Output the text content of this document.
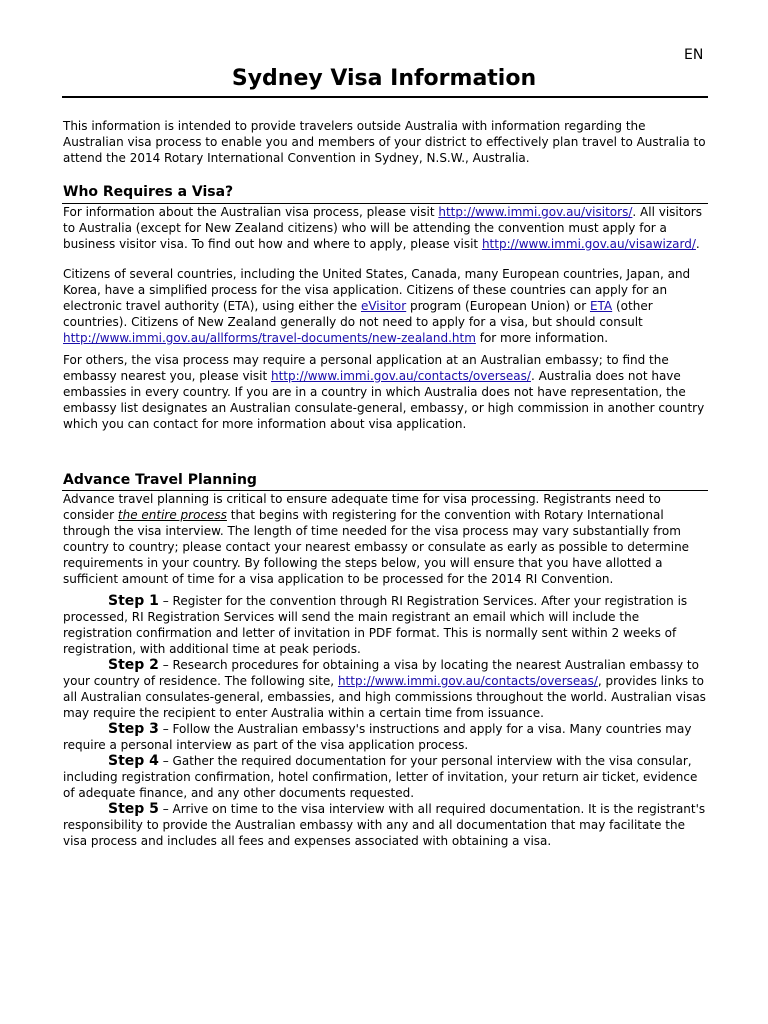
EN
Sydney Visa Information

This information is intended to provide travelers outside Australia with information regarding the Australian visa process to enable you and members of your district to effectively plan travel to Australia to attend the 2014 Rotary International Convention in Sydney, N.S.W., Australia.

Who Requires a Visa?

For information about the Australian visa process, please visit http://www.immi.gov.au/visitors/. All visitors to Australia (except for New Zealand citizens) who will be attending the convention must apply for a business visitor visa. To find out how and where to apply, please visit http://www.immi.gov.au/visawizard/.

Citizens of several countries, including the United States, Canada, many European countries, Japan, and Korea, have a simplified process for the visa application. Citizens of these countries can apply for an electronic travel authority (ETA), using either the eVisitor program (European Union) or ETA (other countries). Citizens of New Zealand generally do not need to apply for a visa, but should consult http://www.immi.gov.au/allforms/travel-documents/new-zealand.htm for more information.

For others, the visa process may require a personal application at an Australian embassy; to find the embassy nearest you, please visit http://www.immi.gov.au/contacts/overseas/. Australia does not have embassies in every country. If you are in a country in which Australia does not have representation, the embassy list designates an Australian consulate-general, embassy, or high commission in another country which you can contact for more information about visa application.

Advance Travel Planning

Advance travel planning is critical to ensure adequate time for visa processing. Registrants need to consider the entire process that begins with registering for the convention with Rotary International through the visa interview. The length of time needed for the visa process may vary substantially from country to country; please contact your nearest embassy or consulate as early as possible to determine requirements in your country. By following the steps below, you will ensure that you have allotted a sufficient amount of time for a visa application to be processed for the 2014 RI Convention.

Step 1 – Register for the convention through RI Registration Services. After your registration is processed, RI Registration Services will send the main registrant an email which will include the registration confirmation and letter of invitation in PDF format. This is normally sent within 2 weeks of registration, with additional time at peak periods.

Step 2 – Research procedures for obtaining a visa by locating the nearest Australian embassy to your country of residence. The following site, http://www.immi.gov.au/contacts/overseas/, provides links to all Australian consulates-general, embassies, and high commissions throughout the world. Australian visas may require the recipient to enter Australia within a certain time from issuance.

Step 3 – Follow the Australian embassy's instructions and apply for a visa. Many countries may require a personal interview as part of the visa application process.

Step 4 – Gather the required documentation for your personal interview with the visa consular, including registration confirmation, hotel confirmation, letter of invitation, your return air ticket, evidence of adequate finance, and any other documents requested.

Step 5 – Arrive on time to the visa interview with all required documentation. It is the registrant's responsibility to provide the Australian embassy with any and all documentation that may facilitate the visa process and includes all fees and expenses associated with obtaining a visa.
